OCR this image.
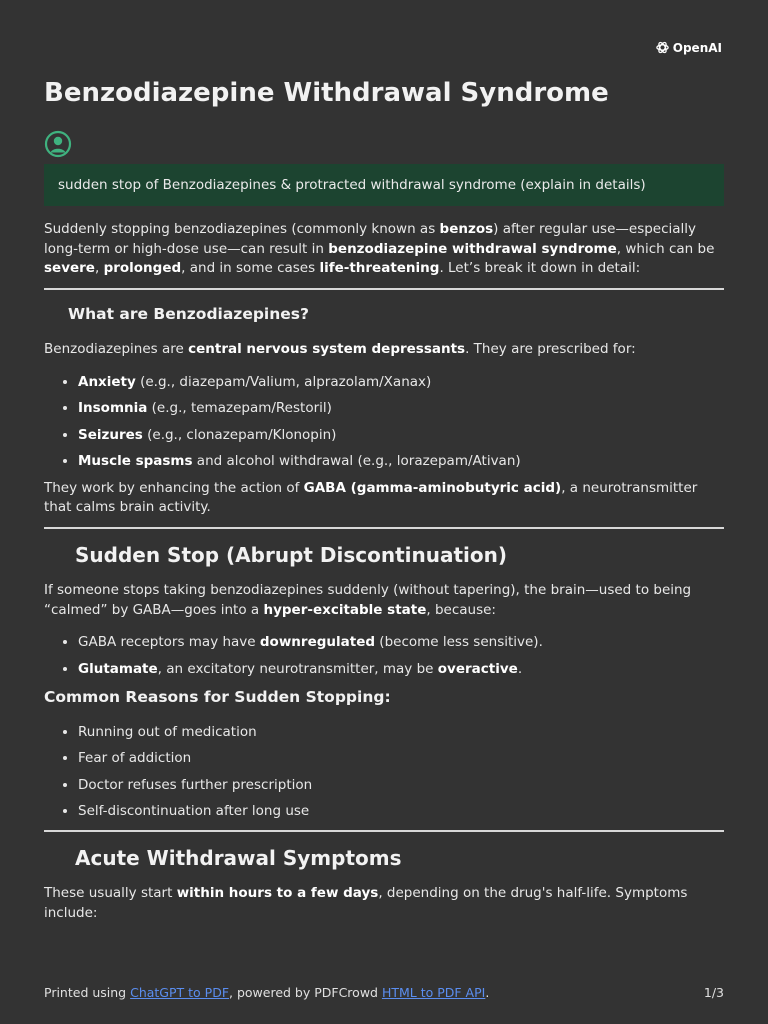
OpenAI
Benzodiazepine Withdrawal Syndrome
sudden stop of Benzodiazepines & protracted withdrawal syndrome (explain in details)

Suddenly stopping benzodiazepines (commonly known as benzos) after regular use—especially long-term or high-dose use—can result in benzodiazepine withdrawal syndrome, which can be severe, prolonged, and in some cases life-threatening. Let’s break it down in detail:

What are Benzodiazepines?

Benzodiazepines are central nervous system depressants. They are prescribed for:

• Anxiety (e.g., diazepam/Valium, alprazolam/Xanax)
• Insomnia (e.g., temazepam/Restoril)
• Seizures (e.g., clonazepam/Klonopin)
• Muscle spasms and alcohol withdrawal (e.g., lorazepam/Ativan)

They work by enhancing the action of GABA (gamma-aminobutyric acid), a neurotransmitter that calms brain activity.

Sudden Stop (Abrupt Discontinuation)

If someone stops taking benzodiazepines suddenly (without tapering), the brain—used to being “calmed” by GABA—goes into a hyper-excitable state, because:

• GABA receptors may have downregulated (become less sensitive).
• Glutamate, an excitatory neurotransmitter, may be overactive.
Common Reasons for Sudden Stopping:
• Running out of medication
• Fear of addiction
• Doctor refuses further prescription
• Self-discontinuation after long use
Acute Withdrawal Symptoms

These usually start within hours to a few days, depending on the drug's half-life. Symptoms include:

Printed using ChatGPT to PDF, powered by PDFCrowd HTML to PDF API.	1/3
